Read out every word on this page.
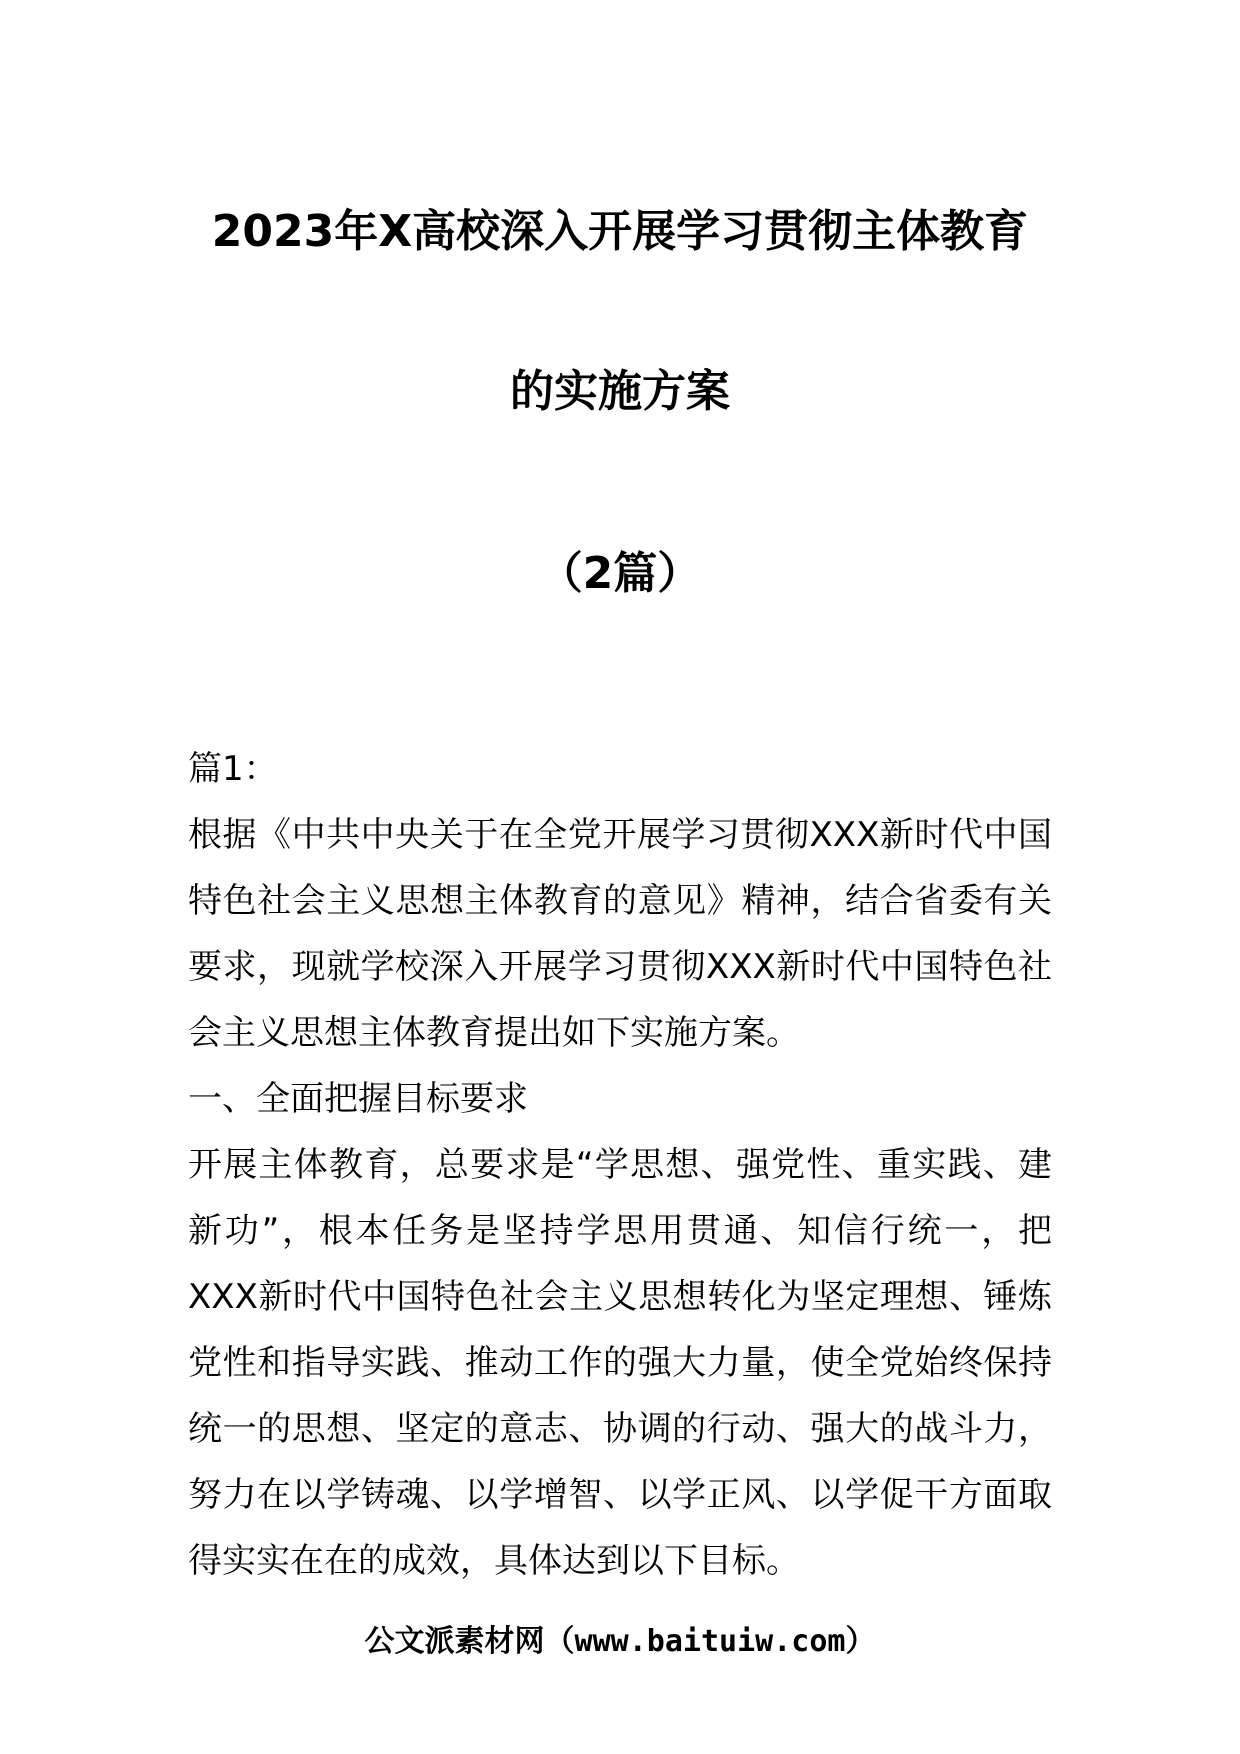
2023年X高校深入开展学习贯彻主体教育
的实施方案
（2篇）

篇1：

根据《中共中央关于在全党开展学习贯彻XXX新时代中国特色社会主义思想主体教育的意见》精神，结合省委有关要求，现就学校深入开展学习贯彻XXX新时代中国特色社会主义思想主体教育提出如下实施方案。

一、全面把握目标要求

开展主体教育，总要求是“学思想、强党性、重实践、建新功”，根本任务是坚持学思用贯通、知信行统一，把XXX新时代中国特色社会主义思想转化为坚定理想、锤炼党性和指导实践、推动工作的强大力量，使全党始终保持统一的思想、坚定的意志、协调的行动、强大的战斗力，努力在以学铸魂、以学增智、以学正风、以学促干方面取得实实在在的成效，具体达到以下目标。

公文派素材网（www.baituiw.com）
